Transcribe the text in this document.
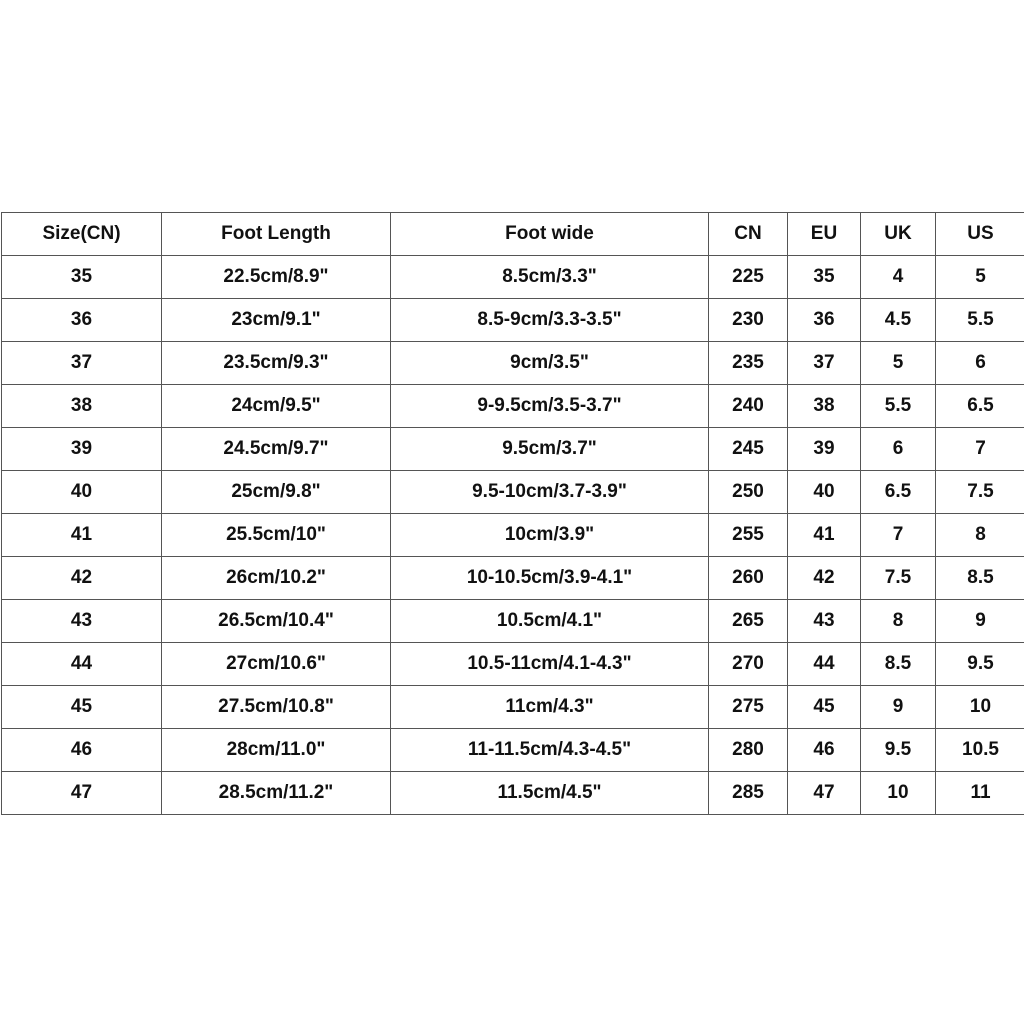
Size(CN)	Foot Length	Foot wide	CN	EU	UK	US
35	22.5cm/8.9"	8.5cm/3.3"	225	35	4	5
36	23cm/9.1"	8.5-9cm/3.3-3.5"	230	36	4.5	5.5
37	23.5cm/9.3"	9cm/3.5"	235	37	5	6
38	24cm/9.5"	9-9.5cm/3.5-3.7"	240	38	5.5	6.5
39	24.5cm/9.7"	9.5cm/3.7"	245	39	6	7
40	25cm/9.8"	9.5-10cm/3.7-3.9"	250	40	6.5	7.5
41	25.5cm/10"	10cm/3.9"	255	41	7	8
42	26cm/10.2"	10-10.5cm/3.9-4.1"	260	42	7.5	8.5
43	26.5cm/10.4"	10.5cm/4.1"	265	43	8	9
44	27cm/10.6"	10.5-11cm/4.1-4.3"	270	44	8.5	9.5
45	27.5cm/10.8"	11cm/4.3"	275	45	9	10
46	28cm/11.0"	11-11.5cm/4.3-4.5"	280	46	9.5	10.5
47	28.5cm/11.2"	11.5cm/4.5"	285	47	10	11
